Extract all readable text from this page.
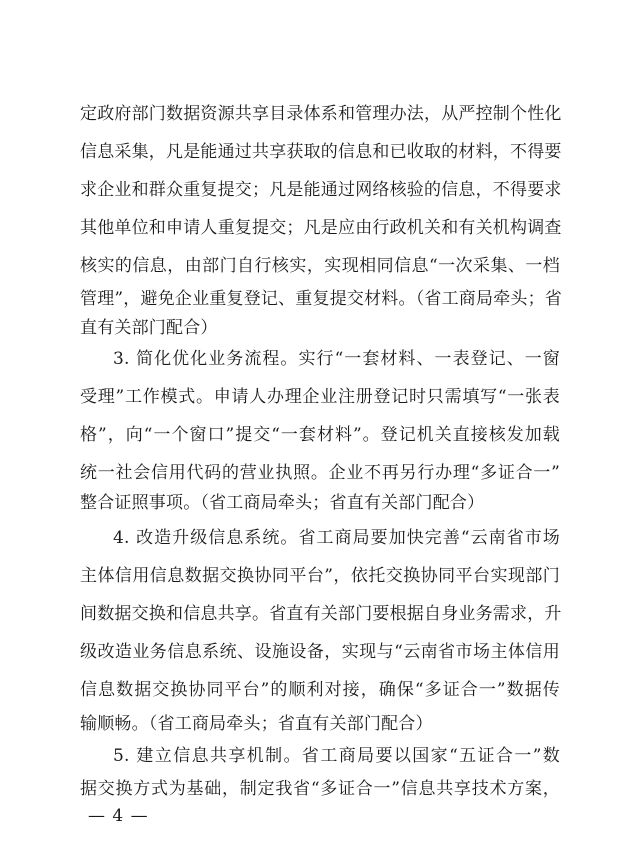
定政府部门数据资源共享目录体系和管理办法，从严控制个性化
信息采集，凡是能通过共享获取的信息和已收取的材料，不得要
求企业和群众重复提交；凡是能通过网络核验的信息，不得要求
其他单位和申请人重复提交；凡是应由行政机关和有关机构调查
核实的信息，由部门自行核实，实现相同信息“一次采集、一档
管理”，避免企业重复登记、重复提交材料。（省工商局牵头；省
直有关部门配合）
3. 简化优化业务流程。实行“一套材料、一表登记、一窗
受理”工作模式。申请人办理企业注册登记时只需填写“一张表
格”，向“一个窗口”提交“一套材料”。登记机关直接核发加载
统一社会信用代码的营业执照。企业不再另行办理“多证合一”
整合证照事项。（省工商局牵头；省直有关部门配合）
4. 改造升级信息系统。省工商局要加快完善“云南省市场
主体信用信息数据交换协同平台”，依托交换协同平台实现部门
间数据交换和信息共享。省直有关部门要根据自身业务需求，升
级改造业务信息系统、设施设备，实现与“云南省市场主体信用
信息数据交换协同平台”的顺利对接，确保“多证合一”数据传
输顺畅。（省工商局牵头；省直有关部门配合）
5. 建立信息共享机制。省工商局要以国家“五证合一”数
据交换方式为基础，制定我省“多证合一”信息共享技术方案，
— 4 —
